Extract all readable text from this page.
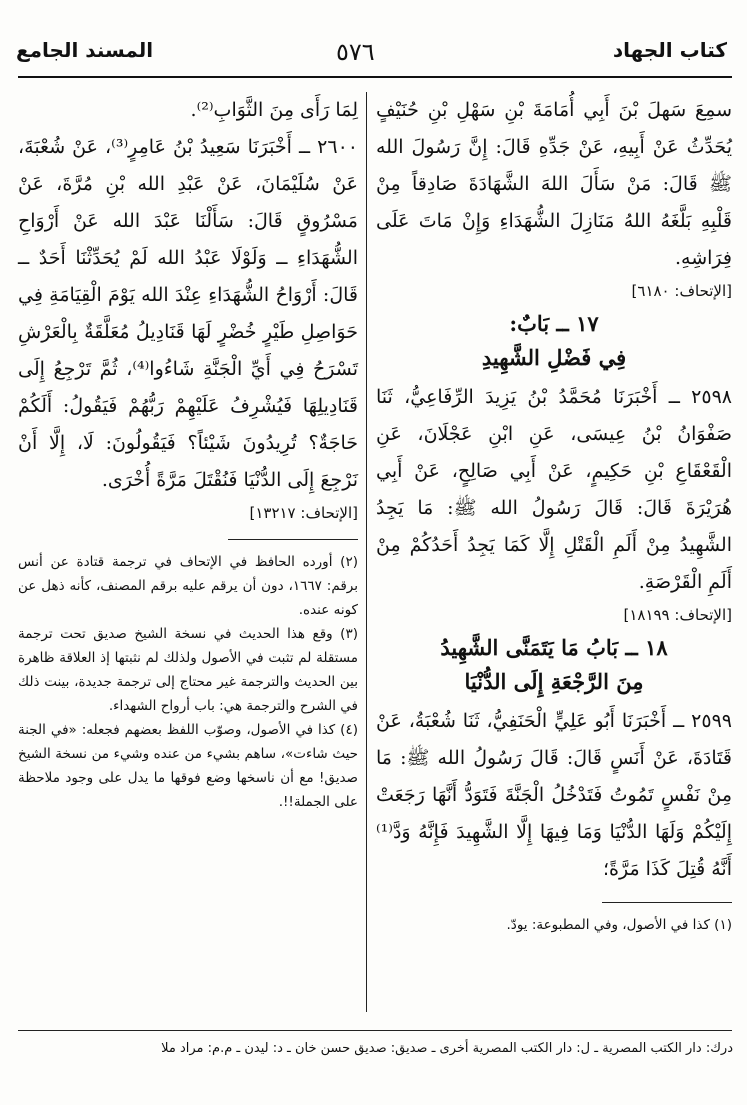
كتاب الجهاد
٥٧٦
المسند الجامع

سمِعَ سَهلَ بْنَ أَبِي أُمَامَةَ بْنِ سَهْلِ بْنِ حُنَيْفٍ يُحَدِّثُ عَنْ أَبِيهِ، عَنْ جَدِّهِ قَالَ: إِنَّ رَسُولَ الله ﷺ قَالَ: مَنْ سَأَلَ اللهَ الشَّهَادَةَ صَادِقاً مِنْ قَلْبِهِ بَلَّغَهُ اللهُ مَنَازِلَ الشُّهَدَاءِ وَإِنْ مَاتَ عَلَى فِرَاشِهِ.

[الإتحاف: ٦١٨٠]

١٧ ــ بَابٌ:
فِي فَضْلِ الشَّهِيدِ

٢٥٩٨ ــ أَخْبَرَنَا مُحَمَّدُ بْنُ يَزِيدَ الرِّفَاعِيُّ، ثَنَا صَفْوَانُ بْنُ عِيسَى، عَنِ ابْنِ عَجْلَانَ، عَنِ الْقَعْقَاعِ بْنِ حَكِيمٍ، عَنْ أَبِي صَالِحٍ، عَنْ أَبِي هُرَيْرَةَ قَالَ: قَالَ رَسُولُ الله ﷺ: مَا يَجِدُ الشَّهِيدُ مِنْ أَلَمِ الْقَتْلِ إِلَّا كَمَا يَجِدُ أَحَدُكُمْ مِنْ أَلَمِ الْقَرْصَةِ.

[الإتحاف: ١٨١٩٩]

١٨ ــ بَابُ مَا يَتَمَنَّى الشَّهِيدُ
مِنَ الرَّجْعَةِ إِلَى الدُّنْيَا

٢٥٩٩ ــ أَخْبَرَنَا أَبُو عَلِيٍّ الْحَنَفِيُّ، ثَنَا شُعْبَةُ، عَنْ قَتَادَةَ، عَنْ أَنَسٍ قَالَ: قَالَ رَسُولُ الله ﷺ: مَا مِنْ نَفْسٍ تَمُوتُ فَتَدْخُلُ الْجَنَّةَ فَتَوَدُّ أَنَّهَا رَجَعَتْ إِلَيْكُمْ وَلَهَا الدُّنْيَا وَمَا فِيهَا إِلَّا الشَّهِيدَ فَإِنَّهُ وَدَّ⁽¹⁾ أَنَّهُ قُتِلَ كَذَا مَرَّةً؛

(١) كذا في الأصول، وفي المطبوعة: يودّ.

لِمَا رَأَى مِنَ الثَّوَابِ⁽²⁾.

٢٦٠٠ ــ أَخْبَرَنَا سَعِيدُ بْنُ عَامِرٍ⁽³⁾، عَنْ شُعْبَةَ، عَنْ سُلَيْمَانَ، عَنْ عَبْدِ الله بْنِ مُرَّةَ، عَنْ مَسْرُوقٍ قَالَ: سَأَلْنَا عَبْدَ الله عَنْ أَرْوَاحِ الشُّهَدَاءِ ــ وَلَوْلَا عَبْدُ الله لَمْ يُحَدِّثْنَا أَحَدٌ ــ قَالَ: أَرْوَاحُ الشُّهَدَاءِ عِنْدَ الله يَوْمَ الْقِيَامَةِ فِي حَوَاصِلِ طَيْرٍ خُضْرٍ لَهَا قَنَادِيلُ مُعَلَّقَةٌ بِالْعَرْشِ تَسْرَحُ فِي أَيِّ الْجَنَّةِ شَاءُوا⁽⁴⁾، ثُمَّ تَرْجِعُ إِلَى قَنَادِيلِهَا فَيُشْرِفُ عَلَيْهِمْ رَبُّهُمْ فَيَقُولُ: أَلَكُمْ حَاجَةٌ؟ تُرِيدُونَ شَيْئاً؟ فَيَقُولُونَ: لَا، إِلَّا أَنْ نَرْجِعَ إِلَى الدُّنْيَا فَنُقْتَلَ مَرَّةً أُخْرَى.

[الإتحاف: ١٣٢١٧]

(٢) أورده الحافظ في الإتحاف في ترجمة قتادة عن أنس برقم: ١٦٦٧، دون أن يرقم عليه برقم المصنف، كأنه ذهل عن كونه عنده.

(٣) وقع هذا الحديث في نسخة الشيخ صديق تحت ترجمة مستقلة لم تثبت في الأصول ولذلك لم نثبتها إذ العلاقة ظاهرة بين الحديث والترجمة غير محتاج إلى ترجمة جديدة، بينت ذلك في الشرح والترجمة هي: باب أرواح الشهداء.

(٤) كذا في الأصول، وصوّب اللفظ بعضهم فجعله: «في الجنة حيث شاءت»، ساهم بشيء من عنده وشيء من نسخة الشيخ صديق! مع أن ناسخها وضع فوقها ما يدل على وجود ملاحظة على الجملة!!.

درك: دار الكتب المصرية ـ ل: دار الكتب المصرية أخرى ـ صديق: صديق حسن خان ـ د: ليدن ـ م.م: مراد ملا
